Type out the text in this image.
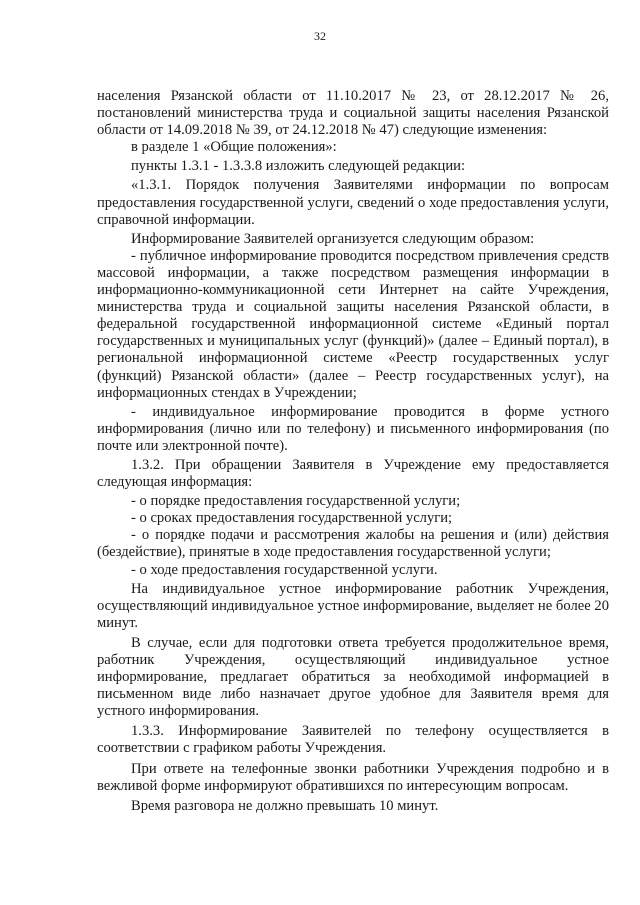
32

населения Рязанской области от 11.10.2017 № 23, от 28.12.2017 № 26, постановлений министерства труда и социальной защиты населения Рязанской области от 14.09.2018 № 39, от 24.12.2018 № 47) следующие изменения:

в разделе 1 «Общие положения»:

пункты 1.3.1 - 1.3.3.8 изложить следующей редакции:

«1.3.1. Порядок получения Заявителями информации по вопросам предоставления государственной услуги, сведений о ходе предоставления услуги, справочной информации.

Информирование Заявителей организуется следующим образом:

- публичное информирование проводится посредством привлечения средств массовой информации, а также посредством размещения информации в информационно-коммуникационной сети Интернет на сайте Учреждения, министерства труда и социальной защиты населения Рязанской области, в федеральной государственной информационной системе «Единый портал государственных и муниципальных услуг (функций)» (далее – Единый портал), в региональной информационной системе «Реестр государственных услуг (функций) Рязанской области» (далее – Реестр государственных услуг), на информационных стендах в Учреждении;

- индивидуальное информирование проводится в форме устного информирования (лично или по телефону) и письменного информирования (по почте или электронной почте).

1.3.2. При обращении Заявителя в Учреждение ему предоставляется следующая информация:

- о порядке предоставления государственной услуги;

- о сроках предоставления государственной услуги;

- о порядке подачи и рассмотрения жалобы на решения и (или) действия (бездействие), принятые в ходе предоставления государственной услуги;

- о ходе предоставления государственной услуги.

На индивидуальное устное информирование работник Учреждения, осуществляющий индивидуальное устное информирование, выделяет не более 20 минут.

В случае, если для подготовки ответа требуется продолжительное время, работник Учреждения, осуществляющий индивидуальное устное информирование, предлагает обратиться за необходимой информацией в письменном виде либо назначает другое удобное для Заявителя время для устного информирования.

1.3.3. Информирование Заявителей по телефону осуществляется в соответствии с графиком работы Учреждения.

При ответе на телефонные звонки работники Учреждения подробно и в вежливой форме информируют обратившихся по интересующим вопросам.

Время разговора не должно превышать 10 минут.
